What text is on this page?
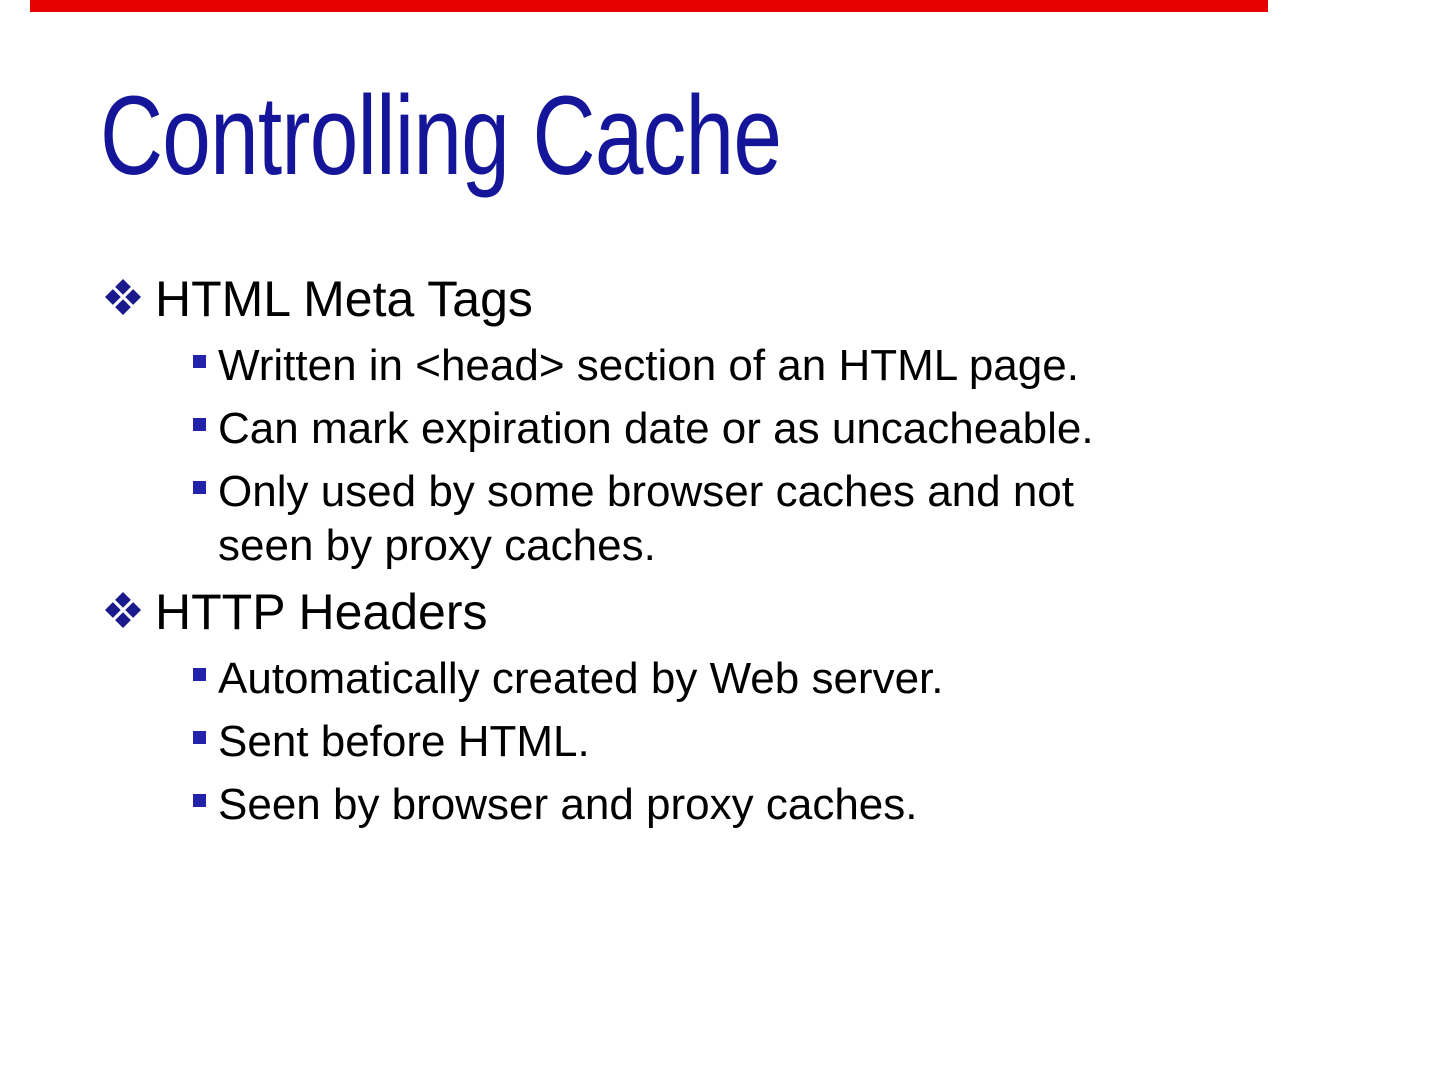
Controlling Cache
HTML Meta Tags
Written in <head> section of an HTML page.
Can mark expiration date or as uncacheable.
Only used by some browser caches and not seen by proxy caches.
HTTP Headers
Automatically created by Web server.
Sent before HTML.
Seen by browser and proxy caches.
